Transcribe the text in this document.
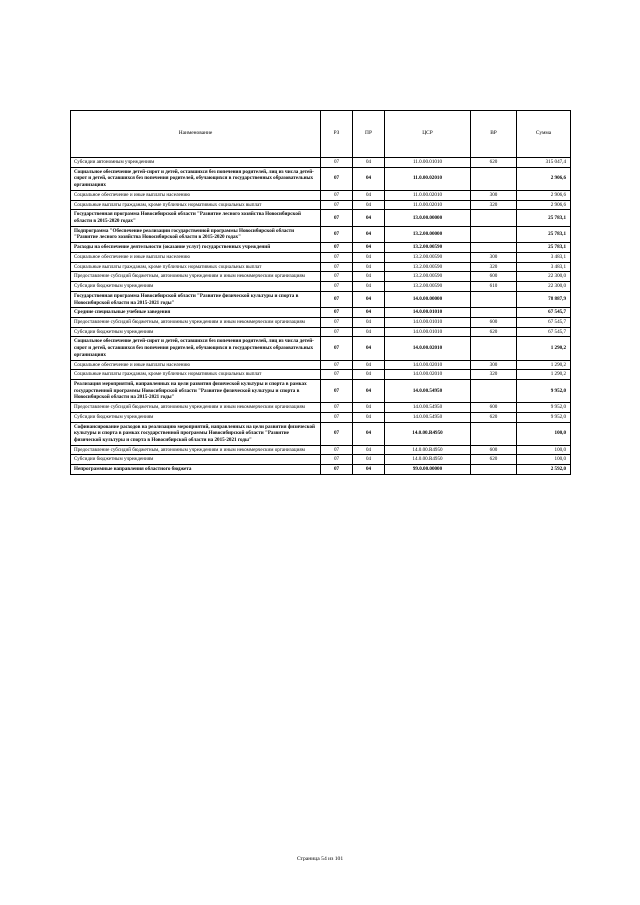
Наименование	РЗ	ПР	ЦСР	ВР	Сумма
Субсидии автономным учреждениям	07	04	11.0.00.01010	620	315 047,4
Социальное обеспечение детей-сирот и детей, оставшихся без попечения родителей, лиц из числа детей-сирот и детей, оставшихся без попечения родителей, обучающихся в государственных образовательных организациях	07	04	11.0.00.02010		2 906,6
Социальное обеспечение и иные выплаты населению	07	04	11.0.00.02010	300	2 906,6
Социальные выплаты гражданам, кроме публичных нормативных социальных выплат	07	04	11.0.00.02010	320	2 906,6
Государственная программа Новосибирской области "Развитие лесного хозяйства Новосибирской области в 2015-2020 годах"	07	04	13.0.00.00000		25 783,1
Подпрограмма "Обеспечение реализации государственной программы Новосибирской области "Развитие лесного хозяйства Новосибирской области в 2015-2020 годах"	07	04	13.2.00.00000		25 783,1
Расходы на обеспечение деятельности (оказание услуг) государственных учреждений	07	04	13.2.00.00590		25 783,1
Социальное обеспечение и иные выплаты населению	07	04	13.2.00.00590	300	3 483,1
Социальные выплаты гражданам, кроме публичных нормативных социальных выплат	07	04	13.2.00.00590	320	3 483,1
Предоставление субсидий бюджетным, автономным учреждениям и иным некоммерческим организациям	07	04	13.2.00.00590	600	22 300,0
Субсидии бюджетным учреждениям	07	04	13.2.00.00590	610	22 300,0
Государственная программа Новосибирской области "Развитие физической культуры и спорта в Новосибирской области на 2015-2021 годы"	07	04	14.0.00.00000		78 887,9
Средние специальные учебные заведения	07	04	14.0.00.01010		67 545,7
Предоставление субсидий бюджетным, автономным учреждениям и иным некоммерческим организациям	07	04	14.0.00.01010	600	67 545,7
Субсидии бюджетным учреждениям	07	04	14.0.00.01010	620	67 545,7
Социальное обеспечение детей-сирот и детей, оставшихся без попечения родителей, лиц из числа детей-сирот и детей, оставшихся без попечения родителей, обучающихся в государственных образовательных организациях	07	04	14.0.00.02010		1 290,2
Социальное обеспечение и иные выплаты населению	07	04	14.0.00.02010	300	1 290,2
Социальные выплаты гражданам, кроме публичных нормативных социальных выплат	07	04	14.0.00.02010	320	1 290,2
Реализация мероприятий, направленных на цели развития физической культуры и спорта в рамках государственной программы Новосибирской области "Развитие физической культуры и спорта в Новосибирской области на 2015-2021 годы"	07	04	14.0.00.54950		9 952,0
Предоставление субсидий бюджетным, автономным учреждениям и иным некоммерческим организациям	07	04	14.0.00.54950	600	9 952,0
Субсидии бюджетным учреждениям	07	04	14.0.00.54950	620	9 952,0
Софинансирование расходов на реализацию мероприятий, направленных на цели развития физической культуры и спорта в рамках государственной программы Новосибирской области "Развитие физической культуры и спорта в Новосибирской области на 2015-2021 годы"	07	04	14.0.00.R4950		100,0
Предоставление субсидий бюджетным, автономным учреждениям и иным некоммерческим организациям	07	04	14.0.00.R4950	600	100,0
Субсидии бюджетным учреждениям	07	04	14.0.00.R4950	620	100,0
Непрограммные направления областного бюджета	07	04	99.0.00.00000		2 592,0
Страница 54 из 101
